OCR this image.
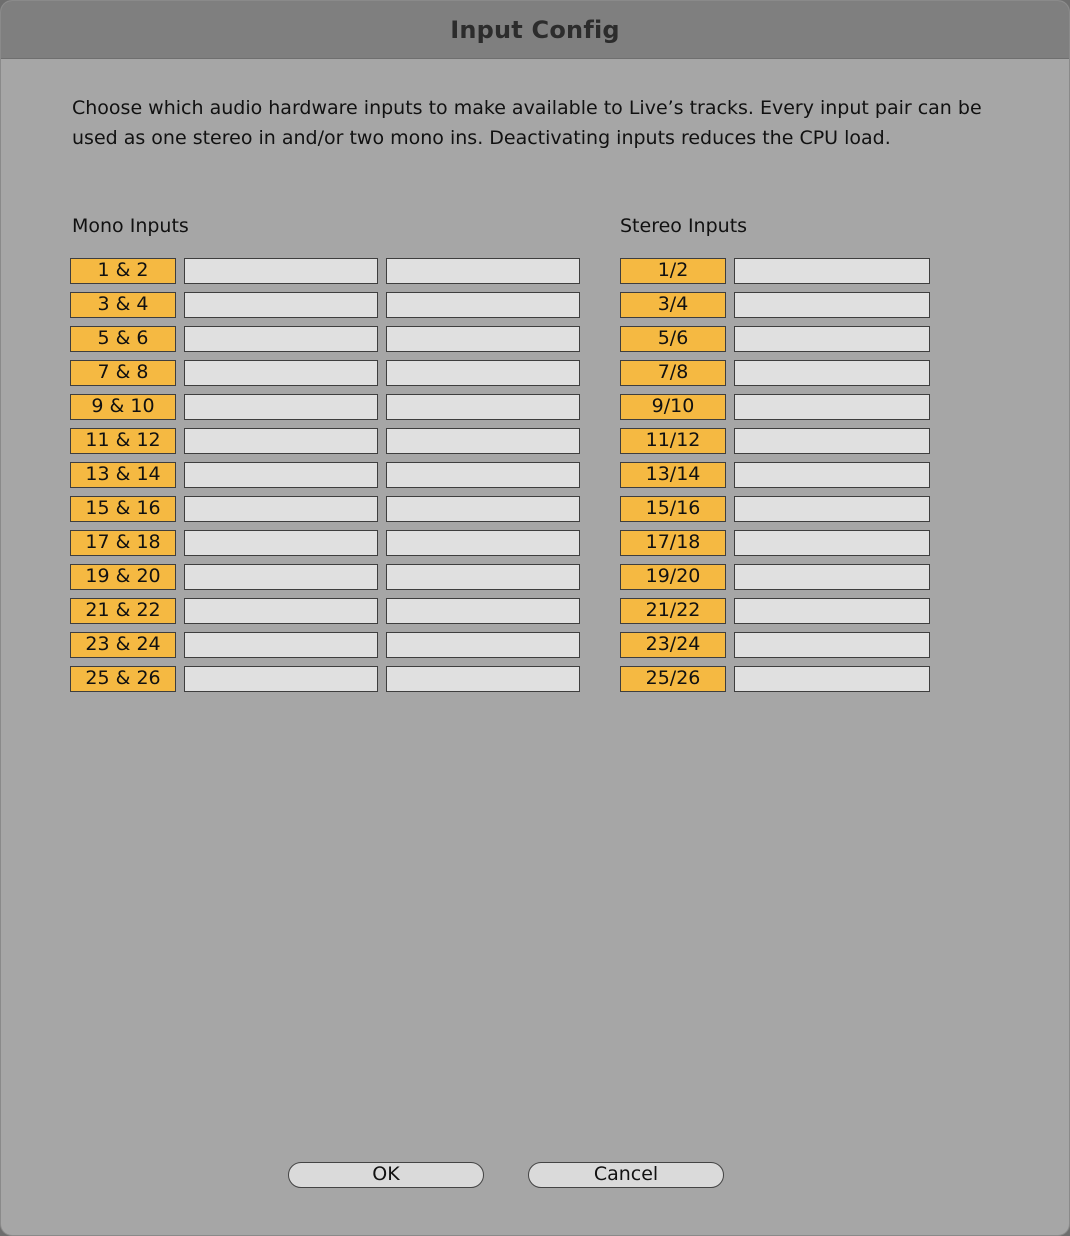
Input Config
Choose which audio hardware inputs to make available to Live’s tracks. Every input pair can be used as one stereo in and/or two mono ins. Deactivating inputs reduces the CPU load.
Mono Inputs	Stereo Inputs
1 & 2
3 & 4
5 & 6
7 & 8
9 & 10
11 & 12
13 & 14
15 & 16
17 & 18
19 & 20
21 & 22
23 & 24
25 & 26
1/2
3/4
5/6
7/8
9/10
11/12
13/14
15/16
17/18
19/20
21/22
23/24
25/26
OK	Cancel
